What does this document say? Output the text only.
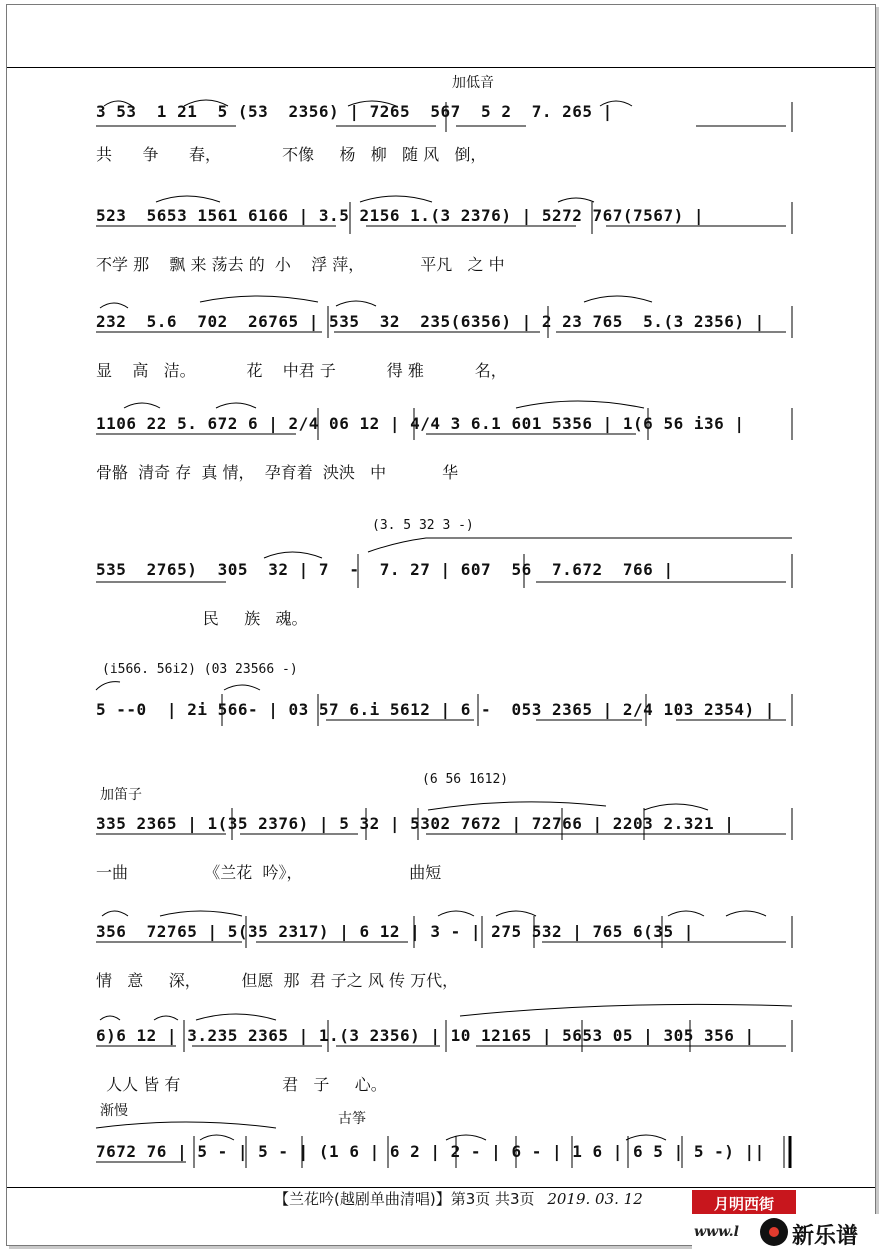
加低音
加笛子
渐慢	古筝
3 53  1 21  5 (53  2356) | 7265  567  5 2  7. 265 |
共      争      春，            不像     杨   柳   随 风   倒，
523  5653 1561 6166 | 3.5 2156 1.(3 2376) | 5272 767(7567) |
不学 那    飘 来 荡去 的  小    浮 萍，           平凡   之 中
232  5.6  702  26765 | 535  32  235(6356) | 2 23 765  5.(3 2356) |
显    高   洁。          花    中君 子          得 雅          名，
1106 22 5. 672 6 | 2/4 06 12 | 4/4 3 6.1 601 5356 | 1(6 56 i36 |
骨骼  清奇 存  真 情，  孕育着  泱泱   中           华
(3. 5 32 3 -)
535  2765)  305  32 | 7  -  7. 27 | 607  56  7.672  766 |
民     族   魂。
(i566. 56i2) (03 23566 -)
5 --0  | 2i 566- | 03 57 6.i 5612 | 6 -  053 2365 | 2/4 103 2354) |
(6 56 1612)
335 2365 | 1(35 2376) | 5 32 | 5302 7672 | 72766 | 2203 2.321 |
一曲               《兰花  吟》，                     曲短
356  72765 | 5(35 2317) | 6 12 | 3 - | 275 532 | 765 6(35 |
情   意     深，        但愿  那  君 子之 风 传 万代，
6)6 12 | 3.235 2365 | 1.(3 2356) | 10 12165 | 5653 05 | 305 356 |
人人 皆 有                    君   子     心。
7672 76 | 5 - | 5 - | (1 6 | 6 2 | 2 - | 6 - | 1 6 | 6 5 | 5 -) ||
【兰花吟(越剧单曲清唱)】第3页 共3页 2019. 03. 12	月明西街
www.l 新乐谱
